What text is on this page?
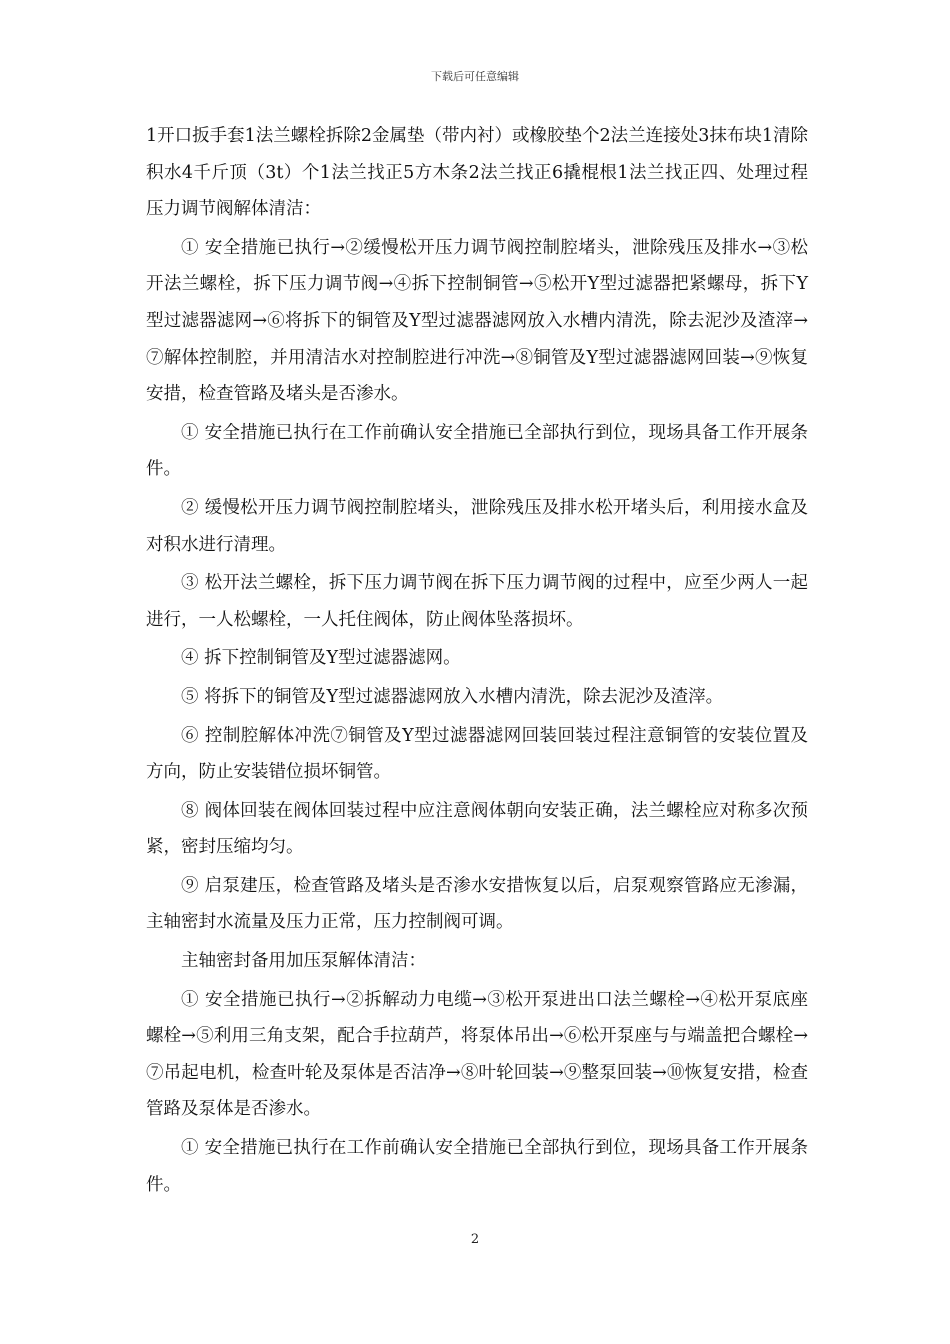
下载后可任意编辑

1开口扳手套1法兰螺栓拆除2金属垫（带内衬）或橡胶垫个2法兰连接处3抹布块1清除积水4千斤顶（3t）个1法兰找正5方木条2法兰找正6撬棍根1法兰找正四、处理过程压力调节阀解体清洁：

① 安全措施已执行→②缓慢松开压力调节阀控制腔堵头，泄除残压及排水→③松开法兰螺栓，拆下压力调节阀→④拆下控制铜管→⑤松开Y型过滤器把紧螺母，拆下Y型过滤器滤网→⑥将拆下的铜管及Y型过滤器滤网放入水槽内清洗，除去泥沙及渣滓→⑦解体控制腔，并用清洁水对控制腔进行冲洗→⑧铜管及Y型过滤器滤网回装→⑨恢复安措，检查管路及堵头是否渗水。

① 安全措施已执行在工作前确认安全措施已全部执行到位，现场具备工作开展条件。

② 缓慢松开压力调节阀控制腔堵头，泄除残压及排水松开堵头后，利用接水盒及对积水进行清理。

③ 松开法兰螺栓，拆下压力调节阀在拆下压力调节阀的过程中，应至少两人一起进行，一人松螺栓，一人托住阀体，防止阀体坠落损坏。

④ 拆下控制铜管及Y型过滤器滤网。

⑤ 将拆下的铜管及Y型过滤器滤网放入水槽内清洗，除去泥沙及渣滓。

⑥ 控制腔解体冲洗⑦铜管及Y型过滤器滤网回装回装过程注意铜管的安装位置及方向，防止安装错位损坏铜管。

⑧ 阀体回装在阀体回装过程中应注意阀体朝向安装正确，法兰螺栓应对称多次预紧，密封压缩均匀。

⑨ 启泵建压，检查管路及堵头是否渗水安措恢复以后，启泵观察管路应无渗漏，主轴密封水流量及压力正常，压力控制阀可调。

主轴密封备用加压泵解体清洁：

① 安全措施已执行→②拆解动力电缆→③松开泵进出口法兰螺栓→④松开泵底座螺栓→⑤利用三角支架，配合手拉葫芦，将泵体吊出→⑥松开泵座与与端盖把合螺栓→⑦吊起电机，检查叶轮及泵体是否洁净→⑧叶轮回装→⑨整泵回装→⑩恢复安措，检查管路及泵体是否渗水。

① 安全措施已执行在工作前确认安全措施已全部执行到位，现场具备工作开展条件。

2
